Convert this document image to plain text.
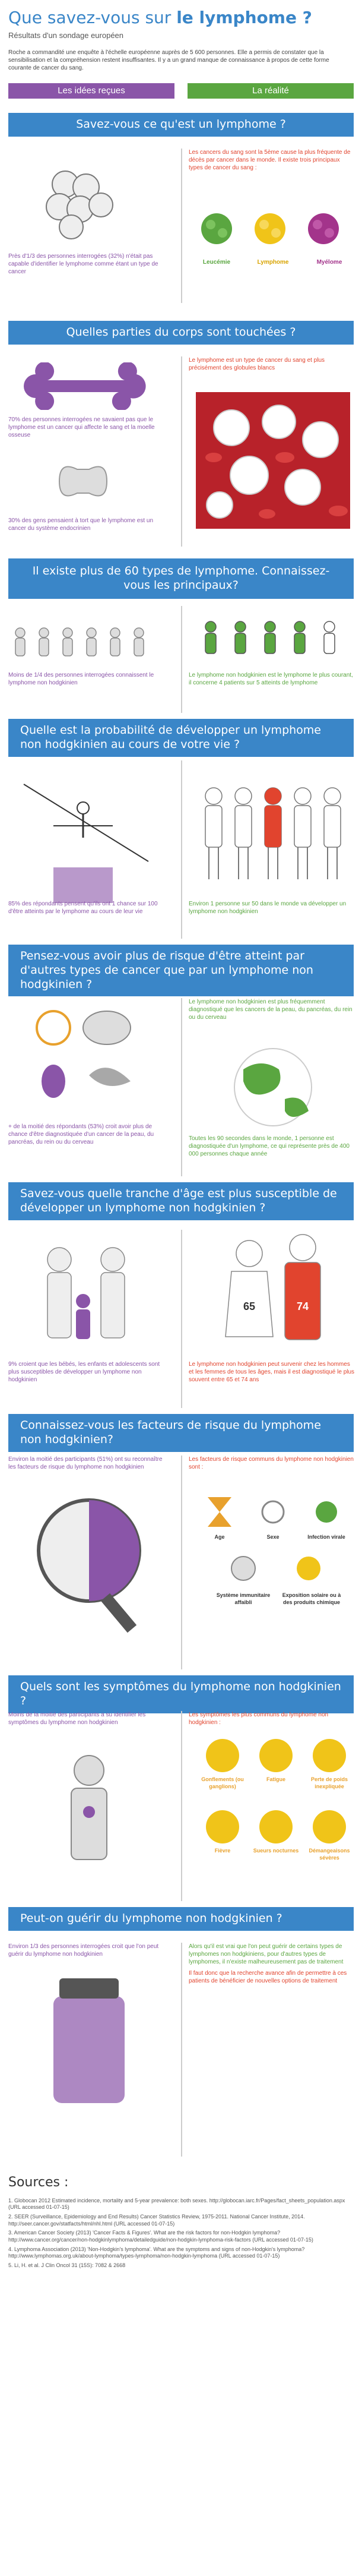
Que savez-vous sur le lymphome ?
Résultats d'un sondage européen
Roche a commandité une enquête à l'échelle européenne auprès de 5 600 personnes. Elle a permis de constater que la sensibilisation et la compréhension restent insuffisantes. Il y a un grand manque de connaissance à propos de cette forme courante de cancer du sang.
Les idées reçues	La réalité
Savez-vous ce qu'est un lymphome ?

Près d'1/3 des personnes interrogées (32%) n'était pas capable d'identifier le lymphome comme étant un type de cancer

Les cancers du sang sont la 5ème cause la plus fréquente de décès par cancer dans le monde. Il existe trois principaux types de cancer du sang :

Leucémie	Lymphome	Myélome
Quelles parties du corps sont touchées ?

70% des personnes interrogées ne savaient pas que le lymphome est un cancer qui affecte le sang et la moelle osseuse

30% des gens pensaient à tort que le lymphome est un cancer du système endocrinien

Le lymphome est un type de cancer du sang et plus précisément des globules blancs

Il existe plus de 60 types de lymphome. Connaissez-vous les principaux?

Moins de 1/4 des personnes interrogées connaissent le lymphome non hodgkinien

Le lymphome non hodgkinien est le lymphome le plus courant, il concerne 4 patients sur 5 atteints de lymphome

Quelle est la probabilité de développer un lymphome non hodgkinien au cours de votre vie ?

85% des répondants pensent qu'ils ont 1 chance sur 100 d'être atteints par le lymphome au cours de leur vie

Environ 1 personne sur 50 dans le monde va développer un lymphome non hodgkinien

Pensez-vous avoir plus de risque d'être atteint par d'autres types de cancer que par un lymphome non hodgkinien ?

+ de la moitié des répondants (53%) croit avoir plus de chance d'être diagnostiquée d'un cancer de la peau, du pancréas, du rein ou du cerveau

Le lymphome non hodgkinien est plus fréquemment diagnostiqué que les cancers de la peau, du pancréas, du rein ou du cerveau

Toutes les 90 secondes dans le monde, 1 personne est diagnostiquée d'un lymphome, ce qui représente près de 400 000 personnes chaque année

Savez-vous quelle tranche d'âge est plus susceptible de développer un lymphome non hodgkinien ?

9% croient que les bébés, les enfants et adolescents sont plus susceptibles de développer un lymphome non hodgkinien

65	74

Le lymphome non hodgkinien peut survenir chez les hommes et les femmes de tous les âges, mais il est diagnostiqué le plus souvent entre 65 et 74 ans

Connaissez-vous les facteurs de risque du lymphome non hodgkinien?

Environ la moitié des participants (51%) ont su reconnaître les facteurs de risque du lymphome non hodgkinien

Les facteurs de risque communs du lymphome non hodgkinien sont :

Age	Sexe	Infection virale
Système immunitaire affaibli
Exposition solaire ou à des produits chimique
Quels sont les symptômes du lymphome non hodgkinien ?

Moins de la moitié des participants a su identifier les symptômes du lymphome non hodgkinien

Les symptômes les plus communs du lymphome non hodgkinien :

Gonflements (ou ganglions)
Fatigue	Perte de poids inexpliquée
Fièvre	Sueurs nocturnes	Démangeaisons sévères
Peut-on guérir du lymphome non hodgkinien ?

Environ 1/3 des personnes interrogées croit que l'on peut guérir du lymphome non hodgkinien

Alors qu'il est vrai que l'on peut guérir de certains types de lymphomes non hodgkiniens, pour d'autres types de lymphomes, il n'existe malheureusement pas de traitement

Il faut donc que la recherche avance afin de permettre à ces patients de bénéficier de nouvelles options de traitement

Sources :
1. Globocan 2012 Estimated incidence, mortality and 5-year prevalence: both sexes. http://globocan.iarc.fr/Pages/fact_sheets_population.aspx (URL accessed 01-07-15)
2. SEER (Surveillance, Epidemiology and End Results) Cancer Statistics Review, 1975-2011. National Cancer Institute, 2014. http://seer.cancer.gov/statfacts/html/nhl.html (URL accessed 01-07-15)
3. American Cancer Society (2013) 'Cancer Facts & Figures'. What are the risk factors for non-Hodgkin lymphoma? http://www.cancer.org/cancer/non-hodgkinlymphoma/detailedguide/non-hodgkin-lymphoma-risk-factors (URL accessed 01-07-15)
4. Lymphoma Association (2013) 'Non-Hodgkin's lymphoma'. What are the symptoms and signs of non-Hodgkin's lymphoma? http://www.lymphomas.org.uk/about-lymphoma/types-lymphoma/non-hodgkin-lymphoma (URL accessed 01-07-15)
5. Li, H. et al. J Clin Oncol 31 (15S): 7082 & 2668
